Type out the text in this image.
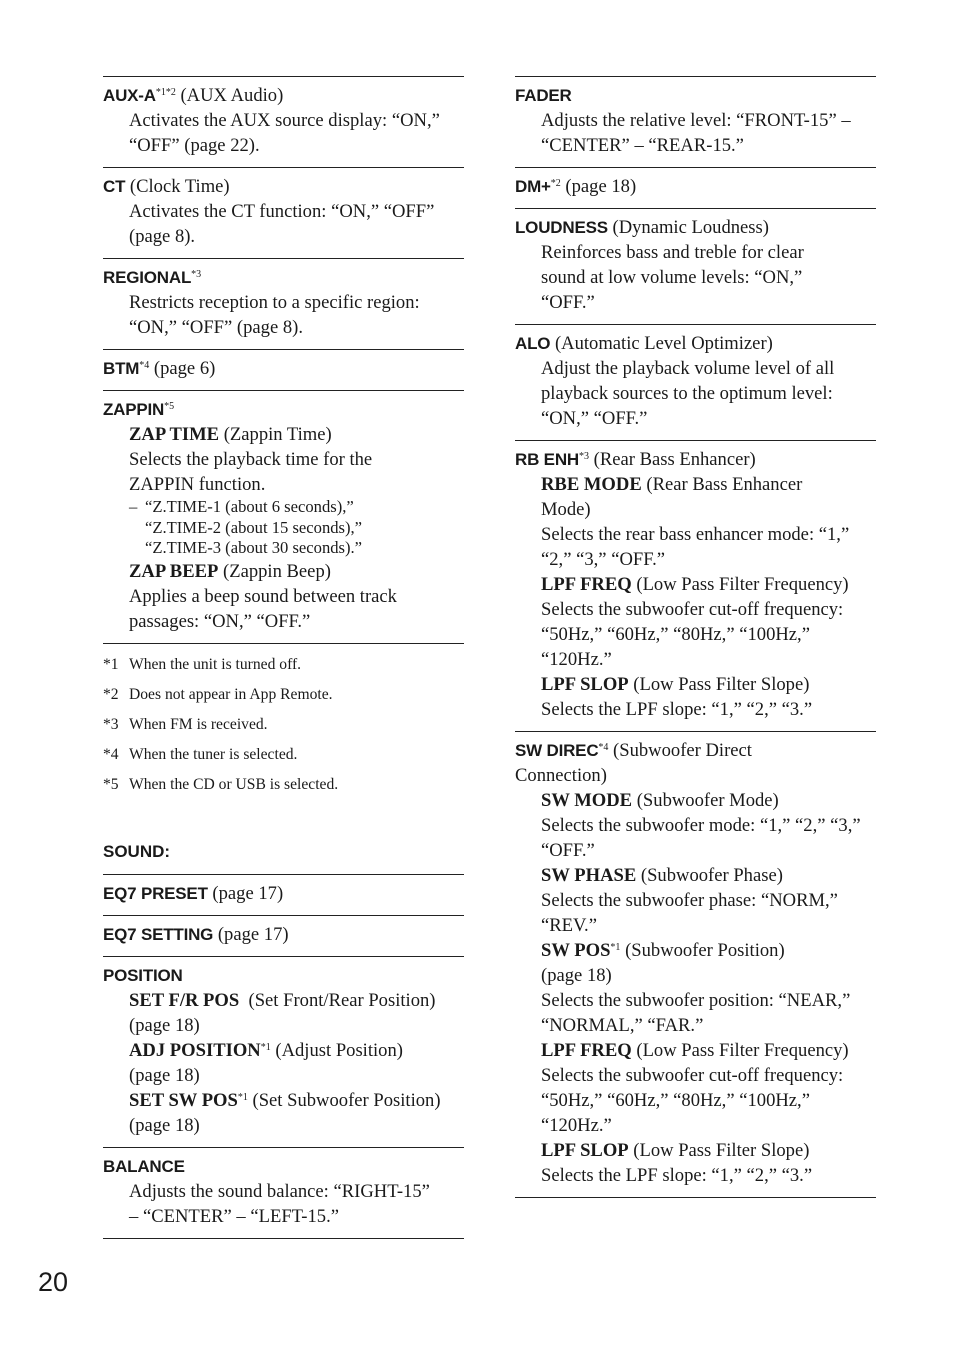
AUX-$A^{*1*2}$ (AUX Audio)
Activates the AUX source display: “ON,”
“OFF” (page 22).
CT (Clock Time)
Activates the CT function: “ON,” “OFF”
(page 8).
REGIONAL$^{*3}$
Restricts reception to a specific region:
“ON,” “OFF” (page 8).
BTM$^{*4}$ (page 6)
ZAPPIN$^{*5}$
ZAP TIME (Zappin Time)
Selects the playback time for the
ZAPPIN function.
– “Z.TIME-1 (about 6 seconds),”
“Z.TIME-2 (about 15 seconds),”
“Z.TIME-3 (about 30 seconds).”
ZAP BEEP (Zappin Beep)
Applies a beep sound between track
passages: “ON,” “OFF.”
*1 When the unit is turned off.
*2 Does not appear in App Remote.
*3 When FM is received.
*4 When the tuner is selected.
*5 When the CD or USB is selected.
SOUND:
EQ7 PRESET (page 17)
EQ7 SETTING (page 17)
POSITION
SET F/R POS  (Set Front/Rear Position)
(page 18)
ADJ POSITION$^{*1}$ (Adjust Position)
(page 18)
SET SW POS$^{*1}$ (Set Subwoofer Position)
(page 18)
BALANCE
Adjusts the sound balance: “RIGHT-15”
– “CENTER” – “LEFT-15.”
FADER
Adjusts the relative level: “FRONT-15” –
“CENTER” – “REAR-15.”
DM+$^{*2}$ (page 18)
LOUDNESS (Dynamic Loudness)
Reinforces bass and treble for clear
sound at low volume levels: “ON,”
“OFF.”
ALO (Automatic Level Optimizer)
Adjust the playback volume level of all
playback sources to the optimum level:
“ON,” “OFF.”
RB ENH$^{*3}$ (Rear Bass Enhancer)
RBE MODE (Rear Bass Enhancer
Mode)
Selects the rear bass enhancer mode: “1,”
“2,” “3,” “OFF.”
LPF FREQ (Low Pass Filter Frequency)
Selects the subwoofer cut-off frequency:
“50Hz,” “60Hz,” “80Hz,” “100Hz,”
“120Hz.”
LPF SLOP (Low Pass Filter Slope)
Selects the LPF slope: “1,” “2,” “3.”
SW DIREC$^{*4}$ (Subwoofer Direct
Connection)
SW MODE (Subwoofer Mode)
Selects the subwoofer mode: “1,” “2,” “3,”
“OFF.”
SW PHASE (Subwoofer Phase)
Selects the subwoofer phase: “NORM,”
“REV.”
SW POS$^{*1}$ (Subwoofer Position)
(page 18)
Selects the subwoofer position: “NEAR,”
“NORMAL,” “FAR.”
LPF FREQ (Low Pass Filter Frequency)
Selects the subwoofer cut-off frequency:
“50Hz,” “60Hz,” “80Hz,” “100Hz,”
“120Hz.”
LPF SLOP (Low Pass Filter Slope)
Selects the LPF slope: “1,” “2,” “3.”
20
